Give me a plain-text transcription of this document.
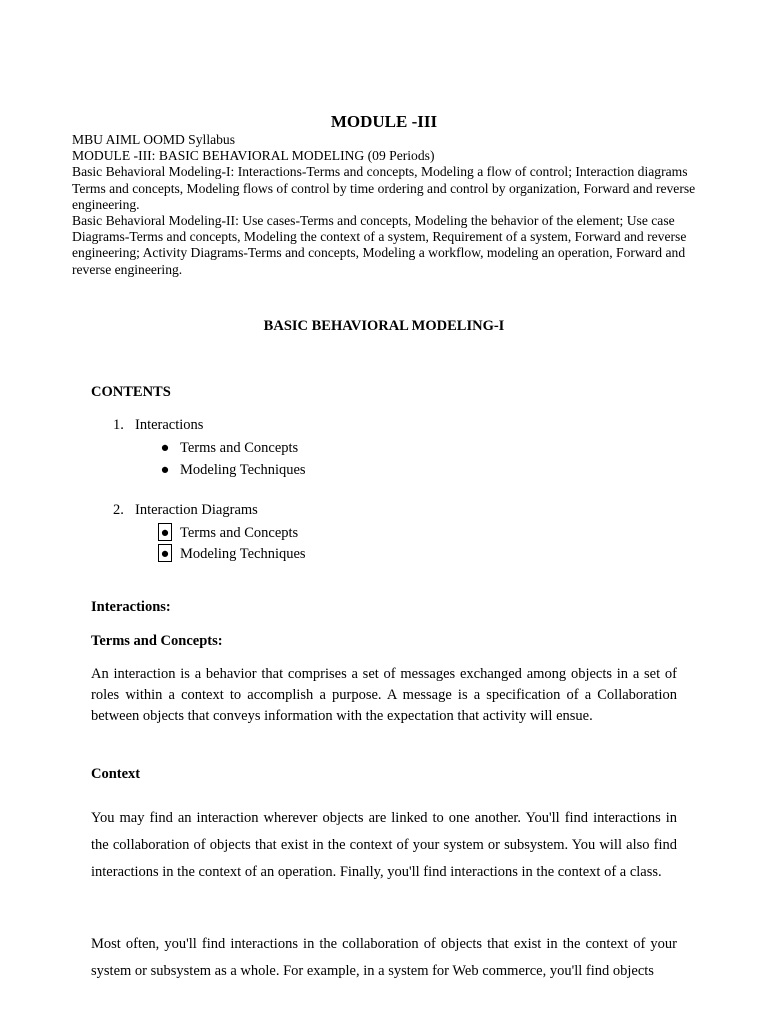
MODULE -III

MBU AIML OOMD Syllabus

MODULE -III: BASIC BEHAVIORAL MODELING (09 Periods)

Basic Behavioral Modeling-I: Interactions-Terms and concepts, Modeling a flow of control; Interaction diagrams Terms and concepts, Modeling flows of control by time ordering and control by organization, Forward and reverse engineering.

Basic Behavioral Modeling-II: Use cases-Terms and concepts, Modeling the behavior of the element; Use case Diagrams-Terms and concepts, Modeling the context of a system, Requirement of a system, Forward and reverse engineering; Activity Diagrams-Terms and concepts, Modeling a workflow, modeling an operation, Forward and reverse engineering.

BASIC BEHAVIORAL MODELING-I
CONTENTS
1. Interactions
● Terms and Concepts
● Modeling Techniques
2. Interaction Diagrams
● Terms and Concepts
● Modeling Techniques
Interactions:
Terms and Concepts:

An interaction is a behavior that comprises a set of messages exchanged among objects in a set of roles within a context to accomplish a purpose. A message is a specification of a Collaboration between objects that conveys information with the expectation that activity will ensue.

Context

You may find an interaction wherever objects are linked to one another. You'll find interactions in the collaboration of objects that exist in the context of your system or subsystem. You will also find interactions in the context of an operation. Finally, you'll find interactions in the context of a class.

Most often, you'll find interactions in the collaboration of objects that exist in the context of your system or subsystem as a whole. For example, in a system for Web commerce, you'll find objects
